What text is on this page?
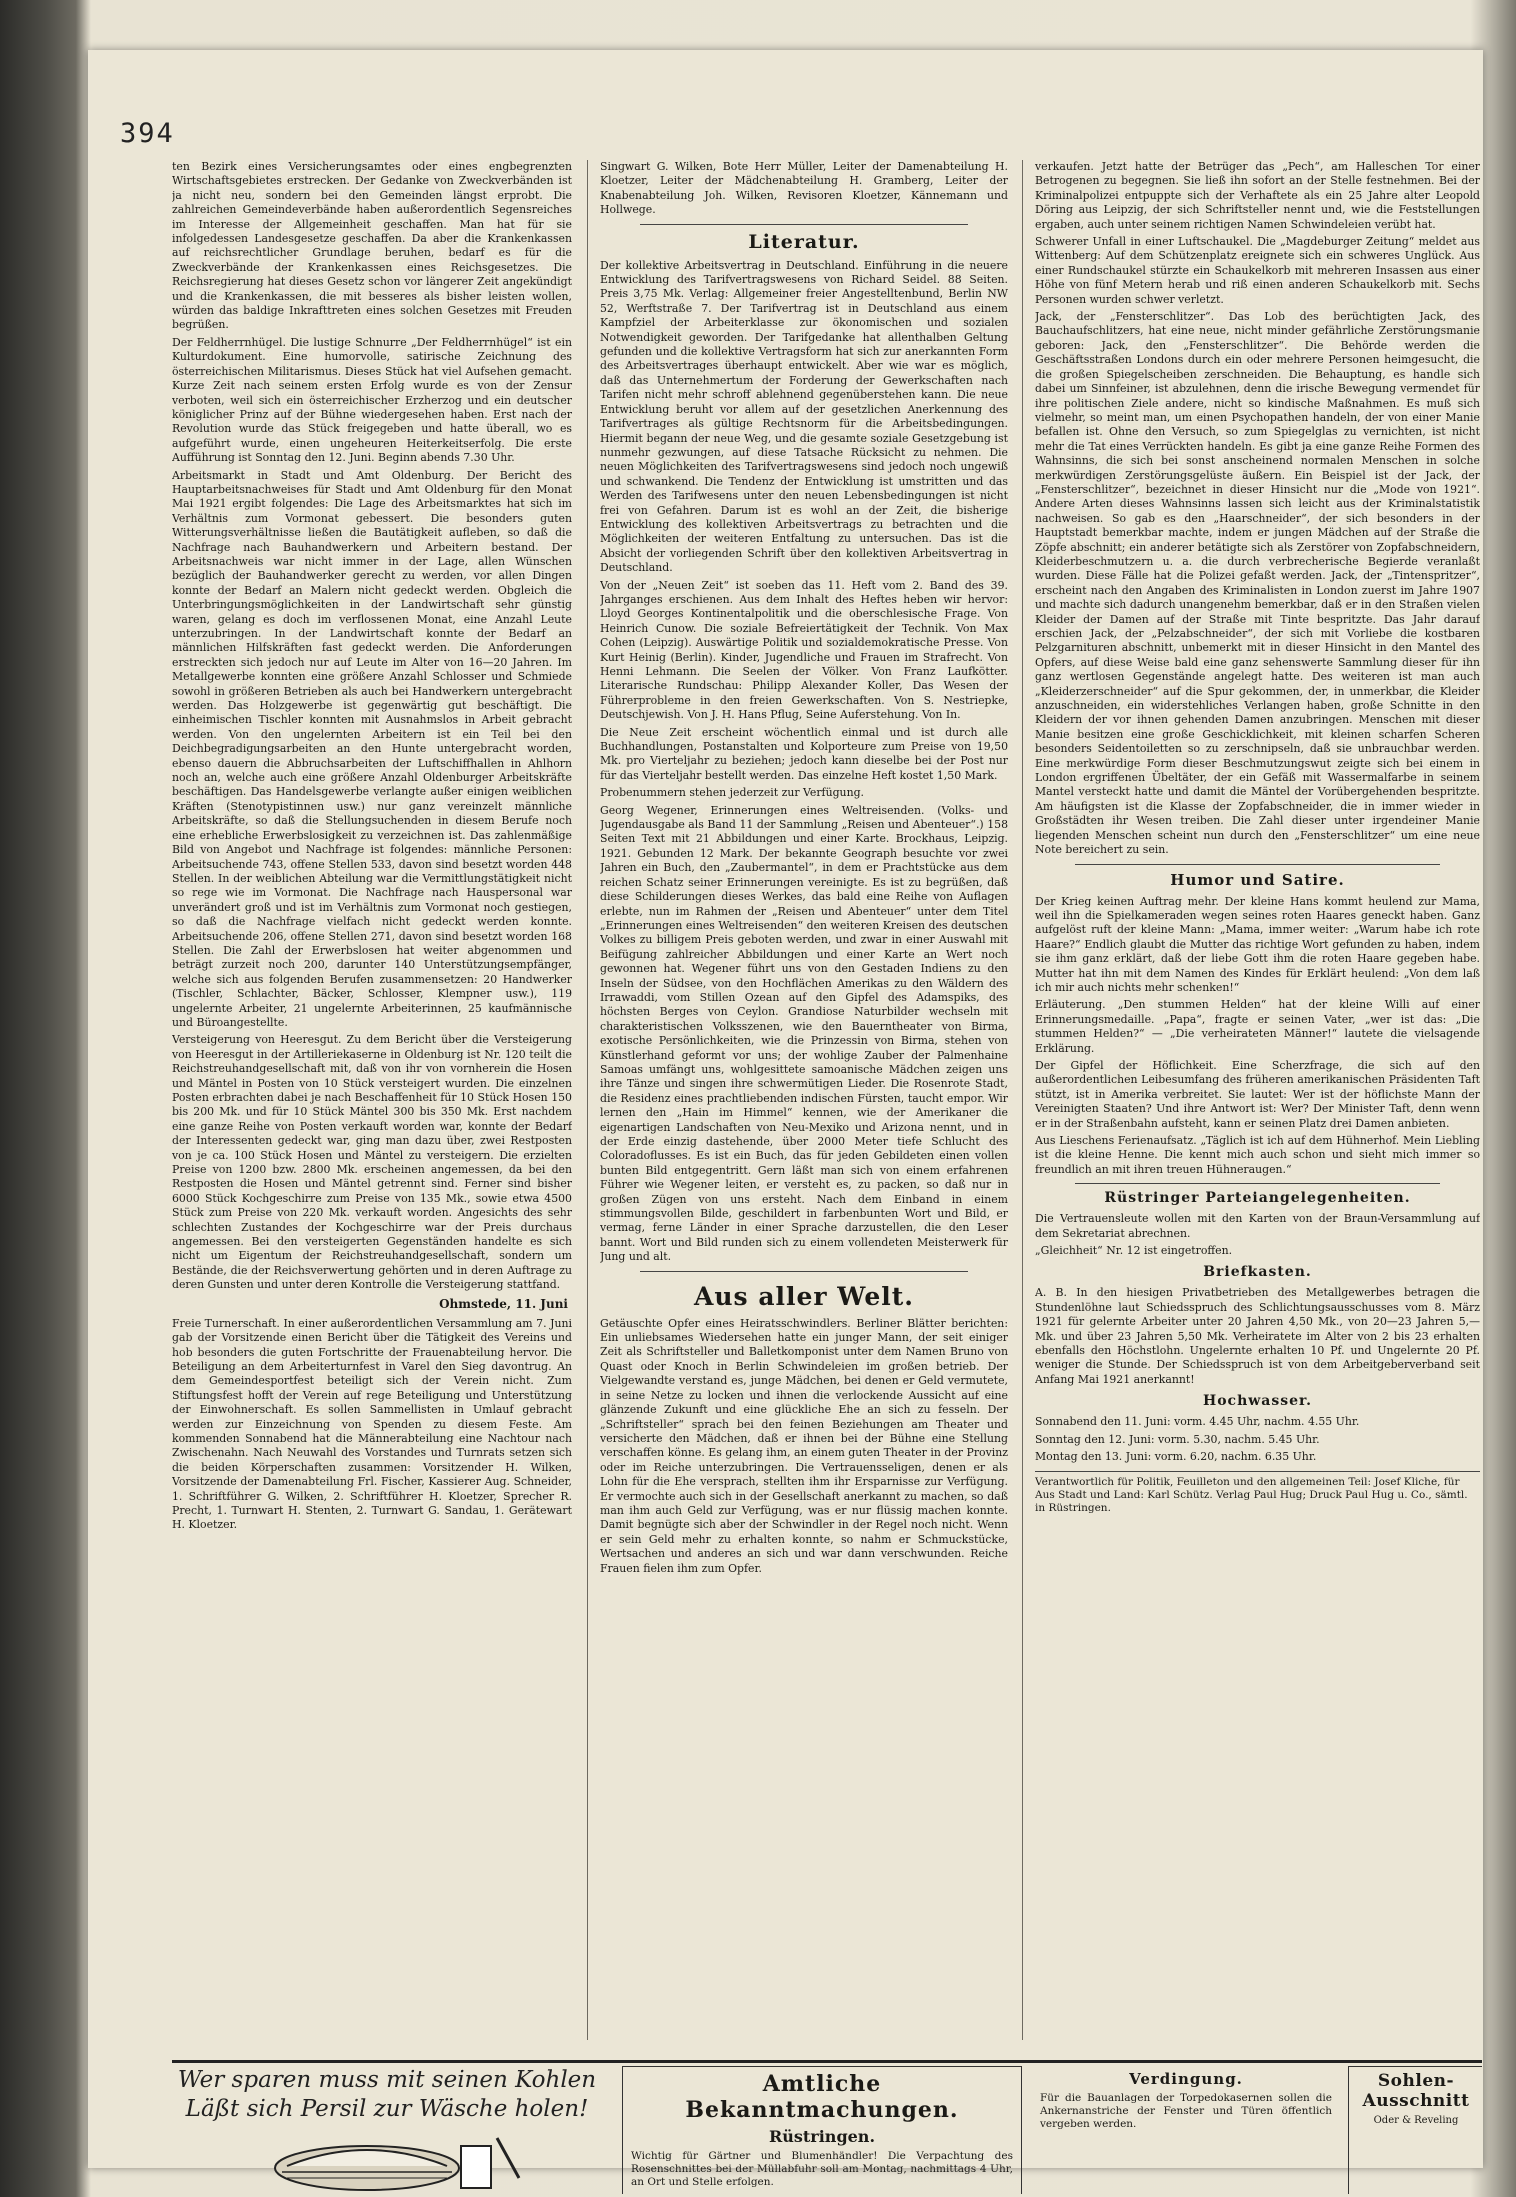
394

ten Bezirk eines Versicherungsamtes oder eines engbegrenzten Wirtschaftsgebietes erstrecken. Der Gedanke von Zweckverbänden ist ja nicht neu, sondern bei den Gemeinden längst erprobt. Die zahlreichen Gemeindeverbände haben außerordentlich Segensreiches im Interesse der Allgemeinheit geschaffen. Man hat für sie infolgedessen Landesgesetze geschaffen. Da aber die Krankenkassen auf reichsrechtlicher Grundlage beruhen, bedarf es für die Zweckverbände der Krankenkassen eines Reichsgesetzes. Die Reichsregierung hat dieses Gesetz schon vor längerer Zeit angekündigt und die Krankenkassen, die mit besseres als bisher leisten wollen, würden das baldige Inkrafttreten eines solchen Gesetzes mit Freuden begrüßen.

Der Feldherrnhügel. Die lustige Schnurre „Der Feldherrnhügel“ ist ein Kulturdokument. Eine humorvolle, satirische Zeichnung des österreichischen Militarismus. Dieses Stück hat viel Aufsehen gemacht. Kurze Zeit nach seinem ersten Erfolg wurde es von der Zensur verboten, weil sich ein österreichischer Erzherzog und ein deutscher königlicher Prinz auf der Bühne wiedergesehen haben. Erst nach der Revolution wurde das Stück freigegeben und hatte überall, wo es aufgeführt wurde, einen ungeheuren Heiterkeitserfolg. Die erste Aufführung ist Sonntag den 12. Juni. Beginn abends 7.30 Uhr.

Arbeitsmarkt in Stadt und Amt Oldenburg. Der Bericht des Hauptarbeitsnachweises für Stadt und Amt Oldenburg für den Monat Mai 1921 ergibt folgendes: Die Lage des Arbeitsmarktes hat sich im Verhältnis zum Vormonat gebessert. Die besonders guten Witterungsverhältnisse ließen die Bautätigkeit aufleben, so daß die Nachfrage nach Bauhandwerkern und Arbeitern bestand. Der Arbeitsnachweis war nicht immer in der Lage, allen Wünschen bezüglich der Bauhandwerker gerecht zu werden, vor allen Dingen konnte der Bedarf an Malern nicht gedeckt werden. Obgleich die Unterbringungsmöglichkeiten in der Landwirtschaft sehr günstig waren, gelang es doch im verflossenen Monat, eine Anzahl Leute unterzubringen. In der Landwirtschaft konnte der Bedarf an männlichen Hilfskräften fast gedeckt werden. Die Anforderungen erstreckten sich jedoch nur auf Leute im Alter von 16—20 Jahren. Im Metallgewerbe konnten eine größere Anzahl Schlosser und Schmiede sowohl in größeren Betrieben als auch bei Handwerkern untergebracht werden. Das Holzgewerbe ist gegenwärtig gut beschäftigt. Die einheimischen Tischler konnten mit Ausnahmslos in Arbeit gebracht werden. Von den ungelernten Arbeitern ist ein Teil bei den Deichbegradigungsarbeiten an den Hunte untergebracht worden, ebenso dauern die Abbruchsarbeiten der Luftschiffhallen in Ahlhorn noch an, welche auch eine größere Anzahl Oldenburger Arbeitskräfte beschäftigen. Das Handelsgewerbe verlangte außer einigen weiblichen Kräften (Stenotypistinnen usw.) nur ganz vereinzelt männliche Arbeitskräfte, so daß die Stellungsuchenden in diesem Berufe noch eine erhebliche Erwerbslosigkeit zu verzeichnen ist. Das zahlenmäßige Bild von Angebot und Nachfrage ist folgendes: männliche Personen: Arbeitsuchende 743, offene Stellen 533, davon sind besetzt worden 448 Stellen. In der weiblichen Abteilung war die Vermittlungstätigkeit nicht so rege wie im Vormonat. Die Nachfrage nach Hauspersonal war unverändert groß und ist im Verhältnis zum Vormonat noch gestiegen, so daß die Nachfrage vielfach nicht gedeckt werden konnte. Arbeitsuchende 206, offene Stellen 271, davon sind besetzt worden 168 Stellen. Die Zahl der Erwerbslosen hat weiter abgenommen und beträgt zurzeit noch 200, darunter 140 Unterstützungsempfänger, welche sich aus folgenden Berufen zusammensetzen: 20 Handwerker (Tischler, Schlachter, Bäcker, Schlosser, Klempner usw.), 119 ungelernte Arbeiter, 21 ungelernte Arbeiterinnen, 25 kaufmännische und Büroangestellte.

Versteigerung von Heeresgut. Zu dem Bericht über die Versteigerung von Heeresgut in der Artilleriekaserne in Oldenburg ist Nr. 120 teilt die Reichstreuhandgesellschaft mit, daß von ihr von vornherein die Hosen und Mäntel in Posten von 10 Stück versteigert wurden. Die einzelnen Posten erbrachten dabei je nach Beschaffenheit für 10 Stück Hosen 150 bis 200 Mk. und für 10 Stück Mäntel 300 bis 350 Mk. Erst nachdem eine ganze Reihe von Posten verkauft worden war, konnte der Bedarf der Interessenten gedeckt war, ging man dazu über, zwei Restposten von je ca. 100 Stück Hosen und Mäntel zu versteigern. Die erzielten Preise von 1200 bzw. 2800 Mk. erscheinen angemessen, da bei den Restposten die Hosen und Mäntel getrennt sind. Ferner sind bisher 6000 Stück Kochgeschirre zum Preise von 135 Mk., sowie etwa 4500 Stück zum Preise von 220 Mk. verkauft worden. Angesichts des sehr schlechten Zustandes der Kochgeschirre war der Preis durchaus angemessen. Bei den versteigerten Gegenständen handelte es sich nicht um Eigentum der Reichstreuhandgesellschaft, sondern um Bestände, die der Reichsverwertung gehörten und in deren Auftrage zu deren Gunsten und unter deren Kontrolle die Versteigerung stattfand.

Ohmstede, 11. Juni

Freie Turnerschaft. In einer außerordentlichen Versammlung am 7. Juni gab der Vorsitzende einen Bericht über die Tätigkeit des Vereins und hob besonders die guten Fortschritte der Frauenabteilung hervor. Die Beteiligung an dem Arbeiterturnfest in Varel den Sieg davontrug. An dem Gemeindesportfest beteiligt sich der Verein nicht. Zum Stiftungsfest hofft der Verein auf rege Beteiligung und Unterstützung der Einwohnerschaft. Es sollen Sammellisten in Umlauf gebracht werden zur Einzeichnung von Spenden zu diesem Feste. Am kommenden Sonnabend hat die Männerabteilung eine Nachtour nach Zwischenahn. Nach Neuwahl des Vorstandes und Turnrats setzen sich die beiden Körperschaften zusammen: Vorsitzender H. Wilken, Vorsitzende der Damenabteilung Frl. Fischer, Kassierer Aug. Schneider, 1. Schriftführer G. Wilken, 2. Schriftführer H. Kloetzer, Sprecher R. Precht, 1. Turnwart H. Stenten, 2. Turnwart G. Sandau, 1. Gerätewart H. Kloetzer.

Singwart G. Wilken, Bote Herr Müller, Leiter der Damenabteilung H. Kloetzer, Leiter der Mädchenabteilung H. Gramberg, Leiter der Knabenabteilung Joh. Wilken, Revisoren Kloetzer, Kännemann und Hollwege.

Literatur.

Der kollektive Arbeitsvertrag in Deutschland. Einführung in die neuere Entwicklung des Tarifvertragswesens von Richard Seidel. 88 Seiten. Preis 3,75 Mk. Verlag: Allgemeiner freier Angestelltenbund, Berlin NW 52, Werftstraße 7. Der Tarifvertrag ist in Deutschland aus einem Kampfziel der Arbeiterklasse zur ökonomischen und sozialen Notwendigkeit geworden. Der Tarifgedanke hat allenthalben Geltung gefunden und die kollektive Vertragsform hat sich zur anerkannten Form des Arbeitsvertrages überhaupt entwickelt. Aber wie war es möglich, daß das Unternehmertum der Forderung der Gewerkschaften nach Tarifen nicht mehr schroff ablehnend gegenüberstehen kann. Die neue Entwicklung beruht vor allem auf der gesetzlichen Anerkennung des Tarifvertrages als gültige Rechtsnorm für die Arbeitsbedingungen. Hiermit begann der neue Weg, und die gesamte soziale Gesetzgebung ist nunmehr gezwungen, auf diese Tatsache Rücksicht zu nehmen. Die neuen Möglichkeiten des Tarifvertragswesens sind jedoch noch ungewiß und schwankend. Die Tendenz der Entwicklung ist umstritten und das Werden des Tarifwesens unter den neuen Lebensbedingungen ist nicht frei von Gefahren. Darum ist es wohl an der Zeit, die bisherige Entwicklung des kollektiven Arbeitsvertrags zu betrachten und die Möglichkeiten der weiteren Entfaltung zu untersuchen. Das ist die Absicht der vorliegenden Schrift über den kollektiven Arbeitsvertrag in Deutschland.

Von der „Neuen Zeit“ ist soeben das 11. Heft vom 2. Band des 39. Jahrganges erschienen. Aus dem Inhalt des Heftes heben wir hervor: Lloyd Georges Kontinentalpolitik und die oberschlesische Frage. Von Heinrich Cunow. Die soziale Befreiertätigkeit der Technik. Von Max Cohen (Leipzig). Auswärtige Politik und sozialdemokratische Presse. Von Kurt Heinig (Berlin). Kinder, Jugendliche und Frauen im Strafrecht. Von Henni Lehmann. Die Seelen der Völker. Von Franz Laufkötter. Literarische Rundschau: Philipp Alexander Koller, Das Wesen der Führerprobleme in den freien Gewerkschaften. Von S. Nestriepke, Deutschjewish. Von J. H. Hans Pflug, Seine Auferstehung. Von In.

Die Neue Zeit erscheint wöchentlich einmal und ist durch alle Buchhandlungen, Postanstalten und Kolporteure zum Preise von 19,50 Mk. pro Vierteljahr zu beziehen; jedoch kann dieselbe bei der Post nur für das Vierteljahr bestellt werden. Das einzelne Heft kostet 1,50 Mark.

Probenummern stehen jederzeit zur Verfügung.

Georg Wegener, Erinnerungen eines Weltreisenden. (Volks- und Jugendausgabe als Band 11 der Sammlung „Reisen und Abenteuer“.) 158 Seiten Text mit 21 Abbildungen und einer Karte. Brockhaus, Leipzig. 1921. Gebunden 12 Mark. Der bekannte Geograph besuchte vor zwei Jahren ein Buch, den „Zaubermantel“, in dem er Prachtstücke aus dem reichen Schatz seiner Erinnerungen vereinigte. Es ist zu begrüßen, daß diese Schilderungen dieses Werkes, das bald eine Reihe von Auflagen erlebte, nun im Rahmen der „Reisen und Abenteuer“ unter dem Titel „Erinnerungen eines Weltreisenden“ den weiteren Kreisen des deutschen Volkes zu billigem Preis geboten werden, und zwar in einer Auswahl mit Beifügung zahlreicher Abbildungen und einer Karte an Wert noch gewonnen hat. Wegener führt uns von den Gestaden Indiens zu den Inseln der Südsee, von den Hochflächen Amerikas zu den Wäldern des Irrawaddi, vom Stillen Ozean auf den Gipfel des Adamspiks, des höchsten Berges von Ceylon. Grandiose Naturbilder wechseln mit charakteristischen Volksszenen, wie den Bauerntheater von Birma, exotische Persönlichkeiten, wie die Prinzessin von Birma, stehen von Künstlerhand geformt vor uns; der wohlige Zauber der Palmenhaine Samoas umfängt uns, wohlgesittete samoanische Mädchen zeigen uns ihre Tänze und singen ihre schwermütigen Lieder. Die Rosenrote Stadt, die Residenz eines prachtliebenden indischen Fürsten, taucht empor. Wir lernen den „Hain im Himmel“ kennen, wie der Amerikaner die eigenartigen Landschaften von Neu-Mexiko und Arizona nennt, und in der Erde einzig dastehende, über 2000 Meter tiefe Schlucht des Coloradoflusses. Es ist ein Buch, das für jeden Gebildeten einen vollen bunten Bild entgegentritt. Gern läßt man sich von einem erfahrenen Führer wie Wegener leiten, er versteht es, zu packen, so daß nur in großen Zügen von uns ersteht. Nach dem Einband in einem stimmungsvollen Bilde, geschildert in farbenbunten Wort und Bild, er vermag, ferne Länder in einer Sprache darzustellen, die den Leser bannt. Wort und Bild runden sich zu einem vollendeten Meisterwerk für Jung und alt.

Aus aller Welt.

Getäuschte Opfer eines Heiratsschwindlers. Berliner Blätter berichten: Ein unliebsames Wiedersehen hatte ein junger Mann, der seit einiger Zeit als Schriftsteller und Balletkomponist unter dem Namen Bruno von Quast oder Knoch in Berlin Schwindeleien im großen betrieb. Der Vielgewandte verstand es, junge Mädchen, bei denen er Geld vermutete, in seine Netze zu locken und ihnen die verlockende Aussicht auf eine glänzende Zukunft und eine glückliche Ehe an sich zu fesseln. Der „Schriftsteller“ sprach bei den feinen Beziehungen am Theater und versicherte den Mädchen, daß er ihnen bei der Bühne eine Stellung verschaffen könne. Es gelang ihm, an einem guten Theater in der Provinz oder im Reiche unterzubringen. Die Vertrauensseligen, denen er als Lohn für die Ehe versprach, stellten ihm ihr Ersparnisse zur Verfügung. Er vermochte auch sich in der Gesellschaft anerkannt zu machen, so daß man ihm auch Geld zur Verfügung, was er nur flüssig machen konnte. Damit begnügte sich aber der Schwindler in der Regel noch nicht. Wenn er sein Geld mehr zu erhalten konnte, so nahm er Schmuckstücke, Wertsachen und anderes an sich und war dann verschwunden. Reiche Frauen fielen ihm zum Opfer.

verkaufen. Jetzt hatte der Betrüger das „Pech“, am Halleschen Tor einer Betrogenen zu begegnen. Sie ließ ihn sofort an der Stelle festnehmen. Bei der Kriminalpolizei entpuppte sich der Verhaftete als ein 25 Jahre alter Leopold Döring aus Leipzig, der sich Schriftsteller nennt und, wie die Feststellungen ergaben, auch unter seinem richtigen Namen Schwindeleien verübt hat.

Schwerer Unfall in einer Luftschaukel. Die „Magdeburger Zeitung“ meldet aus Wittenberg: Auf dem Schützenplatz ereignete sich ein schweres Unglück. Aus einer Rundschaukel stürzte ein Schaukelkorb mit mehreren Insassen aus einer Höhe von fünf Metern herab und riß einen anderen Schaukelkorb mit. Sechs Personen wurden schwer verletzt.

Jack, der „Fensterschlitzer“. Das Lob des berüchtigten Jack, des Bauchaufschlitzers, hat eine neue, nicht minder gefährliche Zerstörungsmanie geboren: Jack, den „Fensterschlitzer“. Die Behörde werden die Geschäftsstraßen Londons durch ein oder mehrere Personen heimgesucht, die die großen Spiegelscheiben zerschneiden. Die Behauptung, es handle sich dabei um Sinnfeiner, ist abzulehnen, denn die irische Bewegung vermendet für ihre politischen Ziele andere, nicht so kindische Maßnahmen. Es muß sich vielmehr, so meint man, um einen Psychopathen handeln, der von einer Manie befallen ist. Ohne den Versuch, so zum Spiegelglas zu vernichten, ist nicht mehr die Tat eines Verrückten handeln. Es gibt ja eine ganze Reihe Formen des Wahnsinns, die sich bei sonst anscheinend normalen Menschen in solche merkwürdigen Zerstörungsgelüste äußern. Ein Beispiel ist der Jack, der „Fensterschlitzer“, bezeichnet in dieser Hinsicht nur die „Mode von 1921“. Andere Arten dieses Wahnsinns lassen sich leicht aus der Kriminalstatistik nachweisen. So gab es den „Haarschneider“, der sich besonders in der Hauptstadt bemerkbar machte, indem er jungen Mädchen auf der Straße die Zöpfe abschnitt; ein anderer betätigte sich als Zerstörer von Zopfabschneidern, Kleiderbeschmutzern u. a. die durch verbrecherische Begierde veranlaßt wurden. Diese Fälle hat die Polizei gefaßt werden. Jack, der „Tintenspritzer“, erscheint nach den Angaben des Kriminalisten in London zuerst im Jahre 1907 und machte sich dadurch unangenehm bemerkbar, daß er in den Straßen vielen Kleider der Damen auf der Straße mit Tinte bespritzte. Das Jahr darauf erschien Jack, der „Pelzabschneider“, der sich mit Vorliebe die kostbaren Pelzgarnituren abschnitt, unbemerkt mit in dieser Hinsicht in den Mantel des Opfers, auf diese Weise bald eine ganz sehenswerte Sammlung dieser für ihn ganz wertlosen Gegenstände angelegt hatte. Des weiteren ist man auch „Kleiderzerschneider“ auf die Spur gekommen, der, in unmerkbar, die Kleider anzuschneiden, ein widerstehliches Verlangen haben, große Schnitte in den Kleidern der vor ihnen gehenden Damen anzubringen. Menschen mit dieser Manie besitzen eine große Geschicklichkeit, mit kleinen scharfen Scheren besonders Seidentoiletten so zu zerschnipseln, daß sie unbrauchbar werden. Eine merkwürdige Form dieser Beschmutzungswut zeigte sich bei einem in London ergriffenen Übeltäter, der ein Gefäß mit Wassermalfarbe in seinem Mantel versteckt hatte und damit die Mäntel der Vorübergehenden bespritzte. Am häufigsten ist die Klasse der Zopfabschneider, die in immer wieder in Großstädten ihr Wesen treiben. Die Zahl dieser unter irgendeiner Manie liegenden Menschen scheint nun durch den „Fensterschlitzer“ um eine neue Note bereichert zu sein.

Humor und Satire.

Der Krieg keinen Auftrag mehr. Der kleine Hans kommt heulend zur Mama, weil ihn die Spielkameraden wegen seines roten Haares geneckt haben. Ganz aufgelöst ruft der kleine Mann: „Mama, immer weiter: „Warum habe ich rote Haare?“ Endlich glaubt die Mutter das richtige Wort gefunden zu haben, indem sie ihm ganz erklärt, daß der liebe Gott ihm die roten Haare gegeben habe. Mutter hat ihn mit dem Namen des Kindes für Erklärt heulend: „Von dem laß ich mir auch nichts mehr schenken!“

Erläuterung. „Den stummen Helden“ hat der kleine Willi auf einer Erinnerungsmedaille. „Papa“, fragte er seinen Vater, „wer ist das: „Die stummen Helden?“ — „Die verheirateten Männer!“ lautete die vielsagende Erklärung.

Der Gipfel der Höflichkeit. Eine Scherzfrage, die sich auf den außerordentlichen Leibesumfang des früheren amerikanischen Präsidenten Taft stützt, ist in Amerika verbreitet. Sie lautet: Wer ist der höflichste Mann der Vereinigten Staaten? Und ihre Antwort ist: Wer? Der Minister Taft, denn wenn er in der Straßenbahn aufsteht, kann er seinen Platz drei Damen anbieten.

Aus Lieschens Ferienaufsatz. „Täglich ist ich auf dem Hühnerhof. Mein Liebling ist die kleine Henne. Die kennt mich auch schon und sieht mich immer so freundlich an mit ihren treuen Hühneraugen.“

Rüstringer Parteiangelegenheiten.

Die Vertrauensleute wollen mit den Karten von der Braun-Versammlung auf dem Sekretariat abrechnen.

„Gleichheit“ Nr. 12 ist eingetroffen.

Briefkasten.

A. B. In den hiesigen Privatbetrieben des Metallgewerbes betragen die Stundenlöhne laut Schiedsspruch des Schlichtungsausschusses vom 8. März 1921 für gelernte Arbeiter unter 20 Jahren 4,50 Mk., von 20—23 Jahren 5,— Mk. und über 23 Jahren 5,50 Mk. Verheiratete im Alter von 2 bis 23 erhalten ebenfalls den Höchstlohn. Ungelernte erhalten 10 Pf. und Ungelernte 20 Pf. weniger die Stunde. Der Schiedsspruch ist von dem Arbeitgeberverband seit Anfang Mai 1921 anerkannt!

Hochwasser.

Sonnabend den 11. Juni: vorm. 4.45 Uhr, nachm. 4.55 Uhr.

Sonntag den 12. Juni: vorm. 5.30, nachm. 5.45 Uhr.

Montag den 13. Juni: vorm. 6.20, nachm. 6.35 Uhr.

Verantwortlich für Politik, Feuilleton und den allgemeinen Teil: Josef Kliche, für Aus Stadt und Land: Karl Schütz. Verlag Paul Hug; Druck Paul Hug u. Co., sämtl. in Rüstringen.
Wer sparen muss mit seinen Kohlen Läßt sich Persil zur Wäsche holen!
Amtliche Bekanntmachungen.
Rüstringen.
Wichtig für Gärtner und Blumenhändler! Die Verpachtung des Rosenschnittes bei der Müllabfuhr soll am Montag, nachmittags 4 Uhr, an Ort und Stelle erfolgen.
Verdingung.
Für die Bauanlagen der Torpedokasernen sollen die Ankernanstriche der Fenster und Türen öffentlich vergeben werden.
Sohlen-Ausschnitt
Oder & Reveling
